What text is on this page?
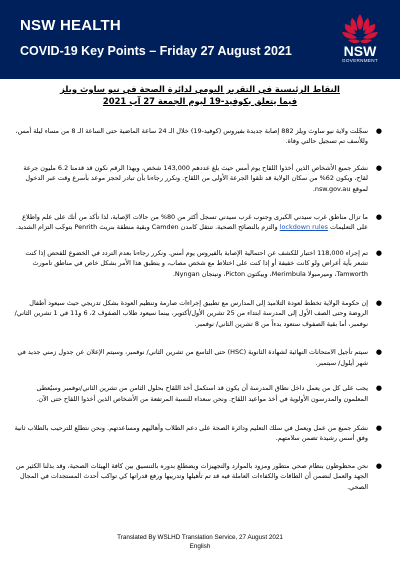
NSW HEALTH
COVID-19 Key Points – Friday 27 August 2021	NSW
GOVERNMENT
النقاط الرئيسية في التقرير اليومي لدائرة الصحة في نيو ساوث ويلز
فيما يتعلق بكوفيد-19 ليوم الجمعة 27 آب 2021
●
سجّلت ولاية نيو ساوث ويلز 882 إصابة جديدة بفيروس (كوفيد-19) خلال الـ 24 ساعة الماضية حتى الساعة الـ 8 من مساء ليلة أمس، وللأسف تم تسجيل حالتي وفاة.
●
نشكر جميع الأشخاص الذين أخذوا اللقاح يوم أمس حيث بلغ عددهم 143,000 شخص، وبهذا الرقم نكون قد قدمنا 6.2 مليون جرعة لقاح، ويكون 62% من سكان الولاية قد تلقوا الجرعة الأولى من اللقاح. ونكرر رجاءنا بأن تبادر لحجز موعد بأسرع وقت عبر الدخول لموقع nsw.gov.au.
●
ما تزال مناطق غرب سيدني الكبرى وجنوب غرب سيدني تسجل أكثر من 80% من حالات الإصابة، لذا تأكد من أنك على علم واطلاع على التعليمات lockdown rules والتزم بالنصائح الصحية. تنتقل كامدن Camden وبقية منطقة بنريث Penrith بتوجّب التزام الشديد.
●
تم إجراء 118,000 اختبار للكشف عن احتمالية الإصابة بالفيروس يوم أمس. ونكرر رجاءنا بعدم التردد في الخضوع للفحص إذا كنت تشعر بأية أعراض ولو كانت خفيفة أو إذا كنت على اختلاط مع شخص مصاب، و ينطبق هذا الأمر بشكل خاص في مناطق تامورث Tamworth، وميرمبولا Merimbula، وبيكتون Picton، ونينجان Nyngan.
●
إن حكومة الولاية تخطط لعودة التلاميذ إلى المدارس مع تطبيق إجراءات صارمة وتنظيم العودة بشكل تدريجي حيث سيعود أطفال الروضة وحتى الصف الأول إلى المدرسة ابتداء من 25 تشرين الأول/أكتوبر، بينما سيعود طلاب الصفوف 2، 6 و11 في 1 تشرين الثاني/ نوفمبر، أما بقية الصفوف ستعود بدءاً من 8 تشرين الثاني/ نوفمبر.
●
سيتم تأجيل الامتحانات النهائية لشهادة الثانوية (HSC) حتى التاسع من تشرين الثاني/ نوفمبر، وسيتم الإعلان عن جدول زمني جديد في شهر أيلول/ سبتمبر.
●
يجب على كل من يعمل داخل نطاق المدرسة أن يكون قد استكمل أخذ اللقاح بحلول الثامن من تشرين الثاني/نوفمبر وسيُعطى المعلمون والمدرسون الأولوية في أخذ مواعيد اللقاح. ونحن سعداء للنسبة المرتفعة من الأشخاص الذين أخذوا اللقاح حتى الآن.
●
نشكر جميع من عمل ويعمل في سلك التعليم ودائرة الصحة على دعم الطلاب وأهاليهم ومساعدتهم. ونحن نتطلع للترحيب بالطلاب ثانية وفق أسس رشيدة تضمن سلامتهم.
●
نحن محظوظون بنظام صحي متطور ومزود بالموارد والتجهيزات ويضطلع بدوره بالتنسيق بين كافة الهيئات الصحية، وقد بذلنا الكثير من الجهد والعمل لنضمن أن الطاقات والكفاءات العاملة فيه قد تم تأهيلها وتدريبها ورفع قدراتها كي تواكب أحدث المستجدات في المجال الصحي.
Translated By WSLHD Translation Service, 27 August 2021
English
